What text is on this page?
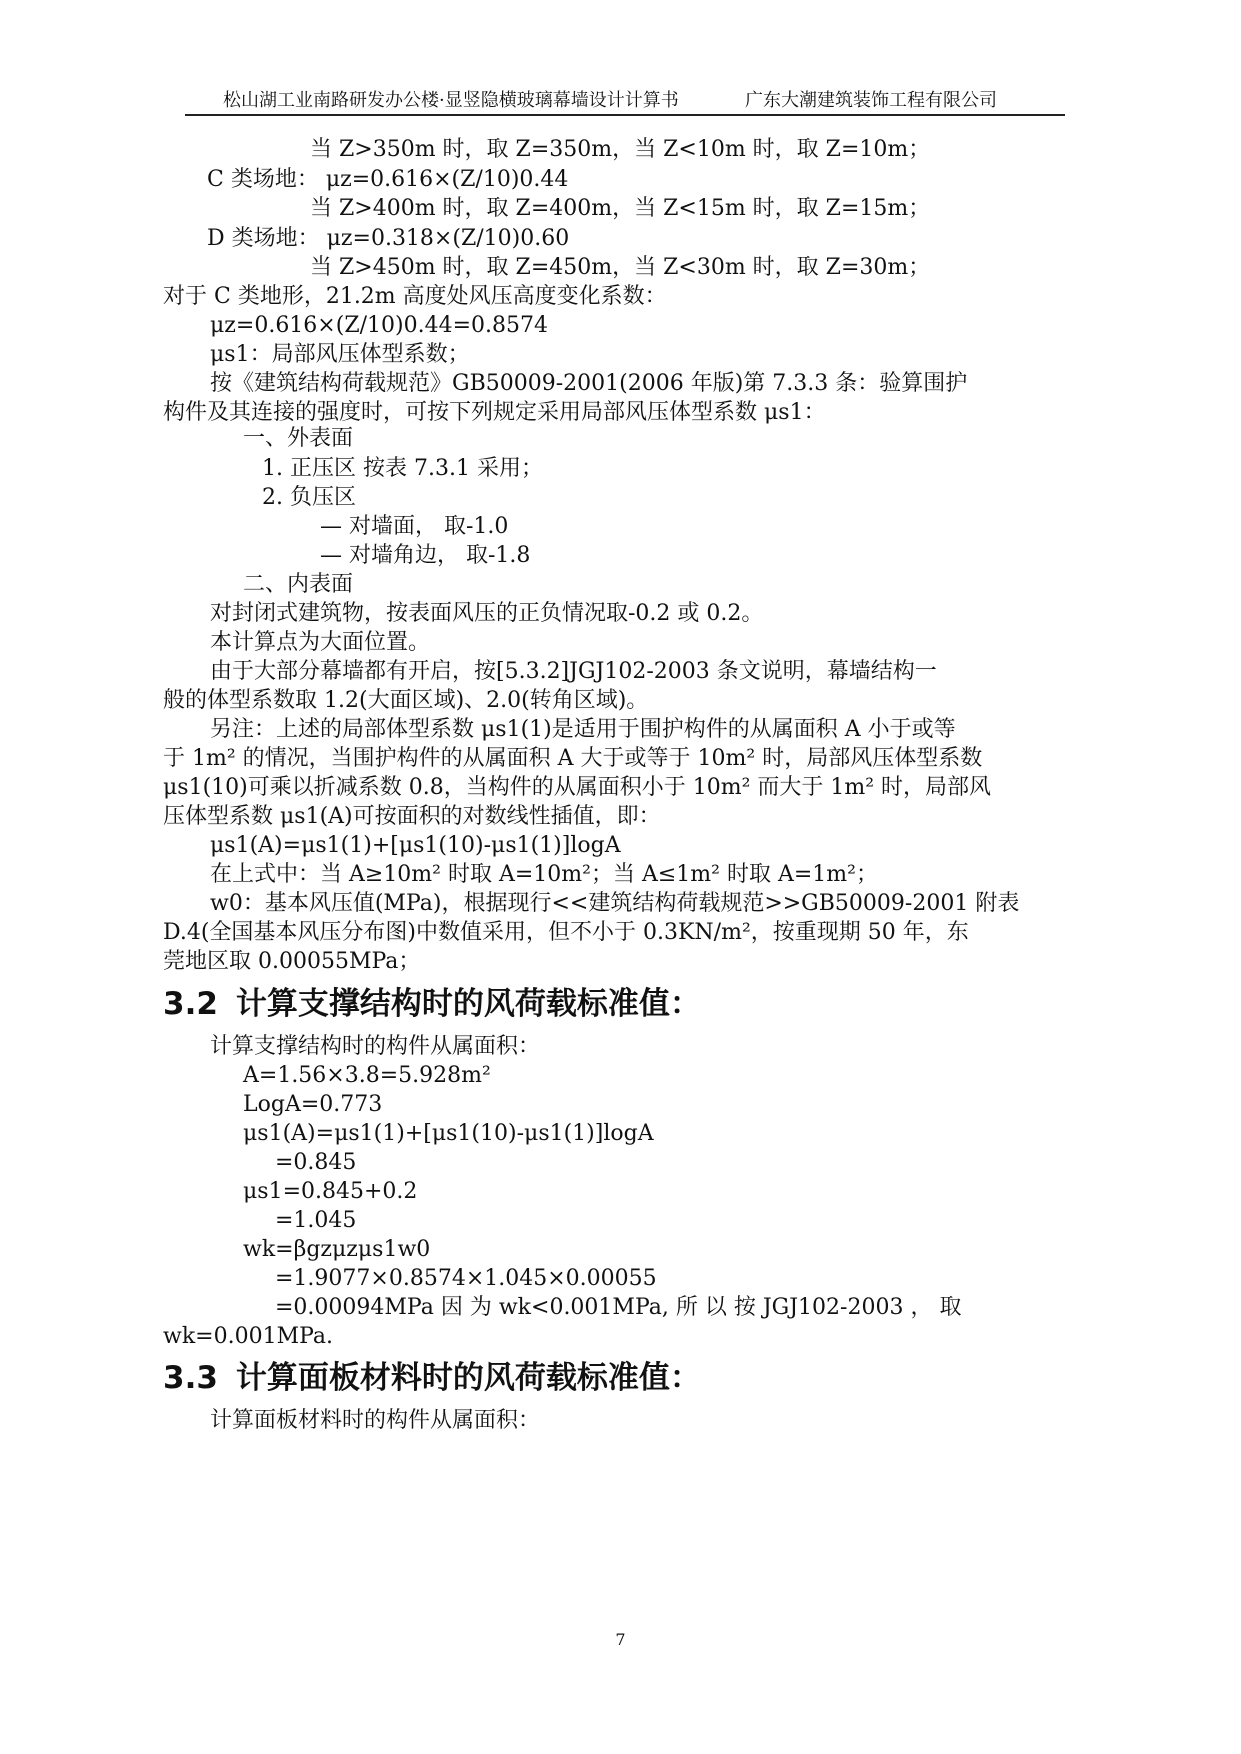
松山湖工业南路研发办公楼·显竖隐横玻璃幕墙设计计算书	广东大潮建筑装饰工程有限公司
当 Z>350m 时，取 Z=350m，当 Z<10m 时，取 Z=10m；
C 类场地： μz=0.616×(Z/10)0.44
当 Z>400m 时，取 Z=400m，当 Z<15m 时，取 Z=15m；
D 类场地： μz=0.318×(Z/10)0.60
当 Z>450m 时，取 Z=450m，当 Z<30m 时，取 Z=30m；
对于 C 类地形，21.2m 高度处风压高度变化系数：
μz=0.616×(Z/10)0.44=0.8574
μs1：局部风压体型系数；
按《建筑结构荷载规范》GB50009-2001(2006 年版)第 7.3.3 条：验算围护
构件及其连接的强度时，可按下列规定采用局部风压体型系数 μs1：
一、外表面
1. 正压区 按表 7.3.1 采用；
2. 负压区
— 对墙面， 取-1.0
— 对墙角边， 取-1.8
二、内表面
对封闭式建筑物，按表面风压的正负情况取-0.2 或 0.2。
本计算点为大面位置。
由于大部分幕墙都有开启，按[5.3.2]JGJ102-2003 条文说明，幕墙结构一
般的体型系数取 1.2(大面区域)、2.0(转角区域)。
另注：上述的局部体型系数 μs1(1)是适用于围护构件的从属面积 A 小于或等
于 1m² 的情况，当围护构件的从属面积 A 大于或等于 10m² 时，局部风压体型系数
μs1(10)可乘以折减系数 0.8，当构件的从属面积小于 10m² 而大于 1m² 时，局部风
压体型系数 μs1(A)可按面积的对数线性插值，即：
μs1(A)=μs1(1)+[μs1(10)-μs1(1)]logA
在上式中：当 A≥10m² 时取 A=10m²；当 A≤1m² 时取 A=1m²；
w0：基本风压值(MPa)，根据现行<<建筑结构荷载规范>>GB50009-2001 附表
D.4(全国基本风压分布图)中数值采用，但不小于 0.3KN/m²，按重现期 50 年，东
莞地区取 0.00055MPa；
3.2 计算支撑结构时的风荷载标准值：
计算支撑结构时的构件从属面积：
A=1.56×3.8=5.928m²
LogA=0.773
μs1(A)=μs1(1)+[μs1(10)-μs1(1)]logA
=0.845
μs1=0.845+0.2
=1.045
wk=βgzμzμs1w0
=1.9077×0.8574×1.045×0.00055
=0.00094MPa 因 为 wk<0.001MPa, 所 以 按 JGJ102-2003 ， 取
wk=0.001MPa.
3.3 计算面板材料时的风荷载标准值：
计算面板材料时的构件从属面积：
7
